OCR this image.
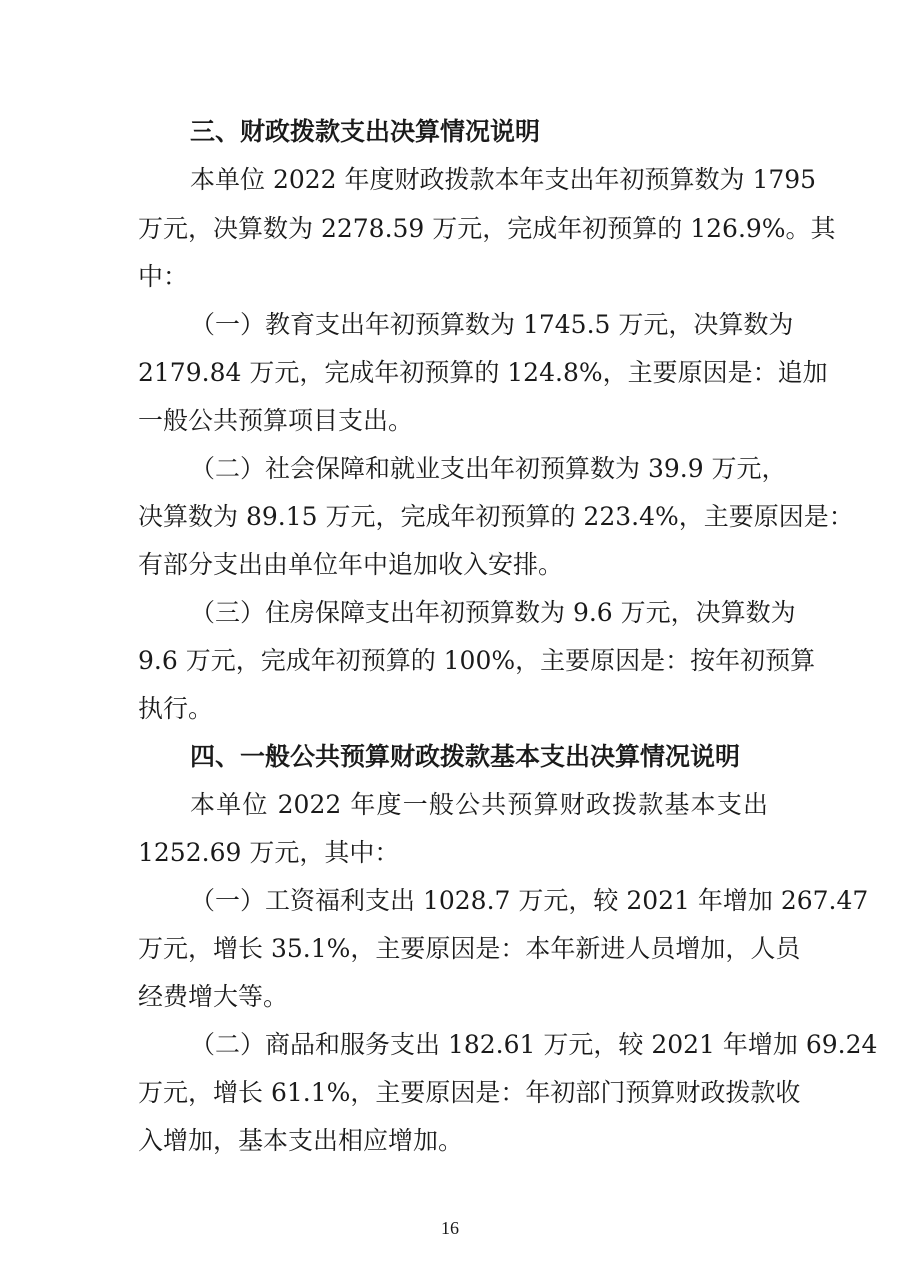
三、财政拨款支出决算情况说明
本单位 2022 年度财政拨款本年支出年初预算数为 1795
万元，决算数为 2278.59 万元，完成年初预算的 126.9%。其
中：
（一）教育支出年初预算数为 1745.5 万元，决算数为
2179.84 万元，完成年初预算的 124.8%，主要原因是：追加
一般公共预算项目支出。
（二）社会保障和就业支出年初预算数为 39.9 万元，
决算数为 89.15 万元，完成年初预算的 223.4%，主要原因是：
有部分支出由单位年中追加收入安排。
（三）住房保障支出年初预算数为 9.6 万元，决算数为
9.6 万元，完成年初预算的 100%，主要原因是：按年初预算
执行。
四、一般公共预算财政拨款基本支出决算情况说明
本单位 2022 年度一般公共预算财政拨款基本支出
1252.69 万元，其中：
（一）工资福利支出 1028.7 万元，较 2021 年增加 267.47
万元，增长 35.1%，主要原因是：本年新进人员增加，人员
经费增大等。
（二）商品和服务支出 182.61 万元，较 2021 年增加 69.24
万元，增长 61.1%，主要原因是：年初部门预算财政拨款收
入增加，基本支出相应增加。
16
